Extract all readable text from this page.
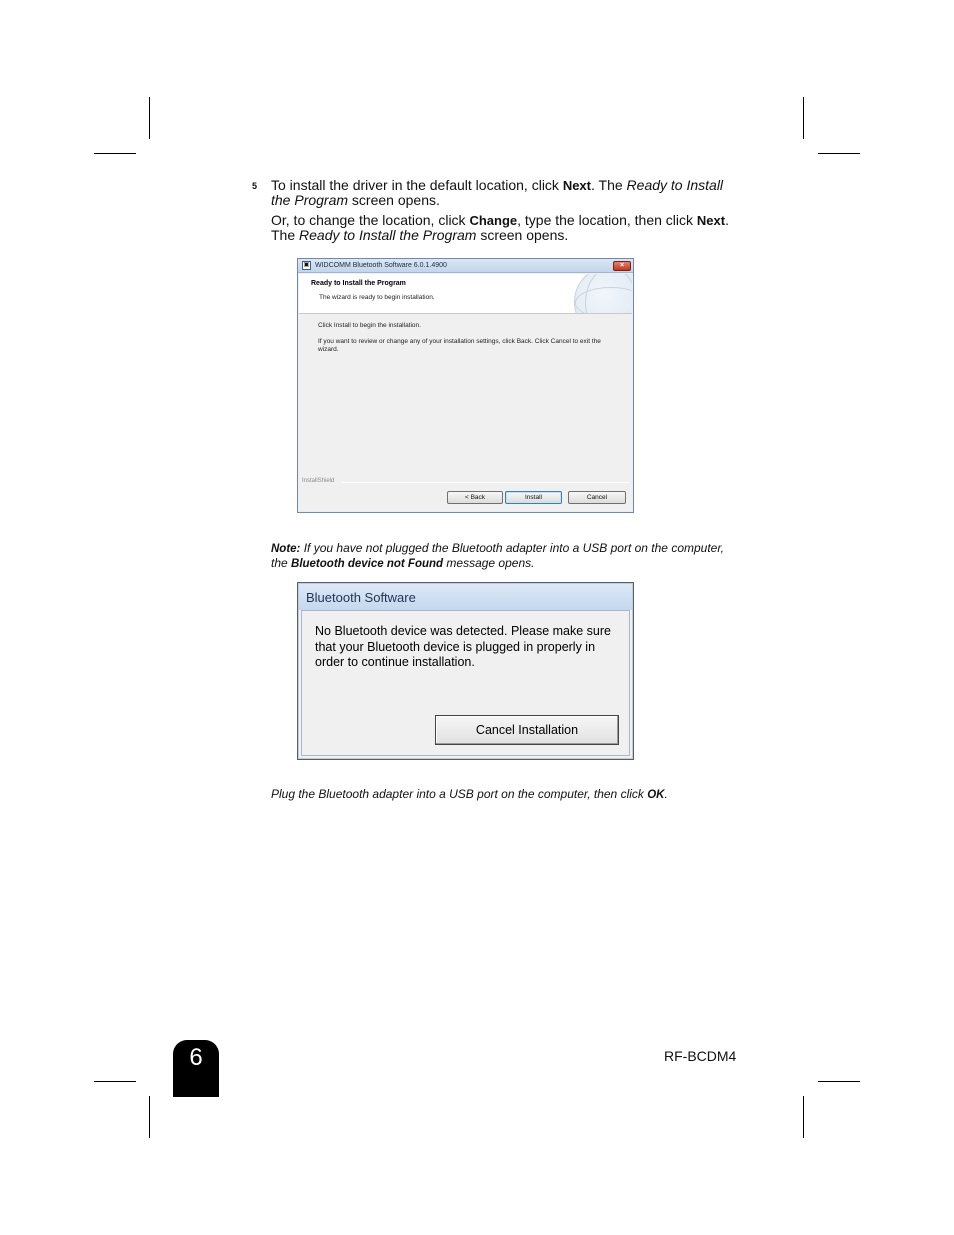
5 To install the driver in the default location, click Next. The Ready to Install the Program screen opens.

Or, to change the location, click Change, type the location, then click Next. The Ready to Install the Program screen opens.

▣ WIDCOMM Bluetooth Software 6.0.1.4900	×
Ready to Install the Program
The wizard is ready to begin installation.
Click Install to begin the installation.
If you want to review or change any of your installation settings, click Back. Click Cancel to exit the wizard.
InstallShield
< Back	Install	Cancel

Note: If you have not plugged the Bluetooth adapter into a USB port on the computer, the Bluetooth device not Found message opens.

Bluetooth Software
No Bluetooth device was detected. Please make sure that your Bluetooth device is plugged in properly in order to continue installation.
Cancel Installation

Plug the Bluetooth adapter into a USB port on the computer, then click OK.

6	RF-BCDM4
